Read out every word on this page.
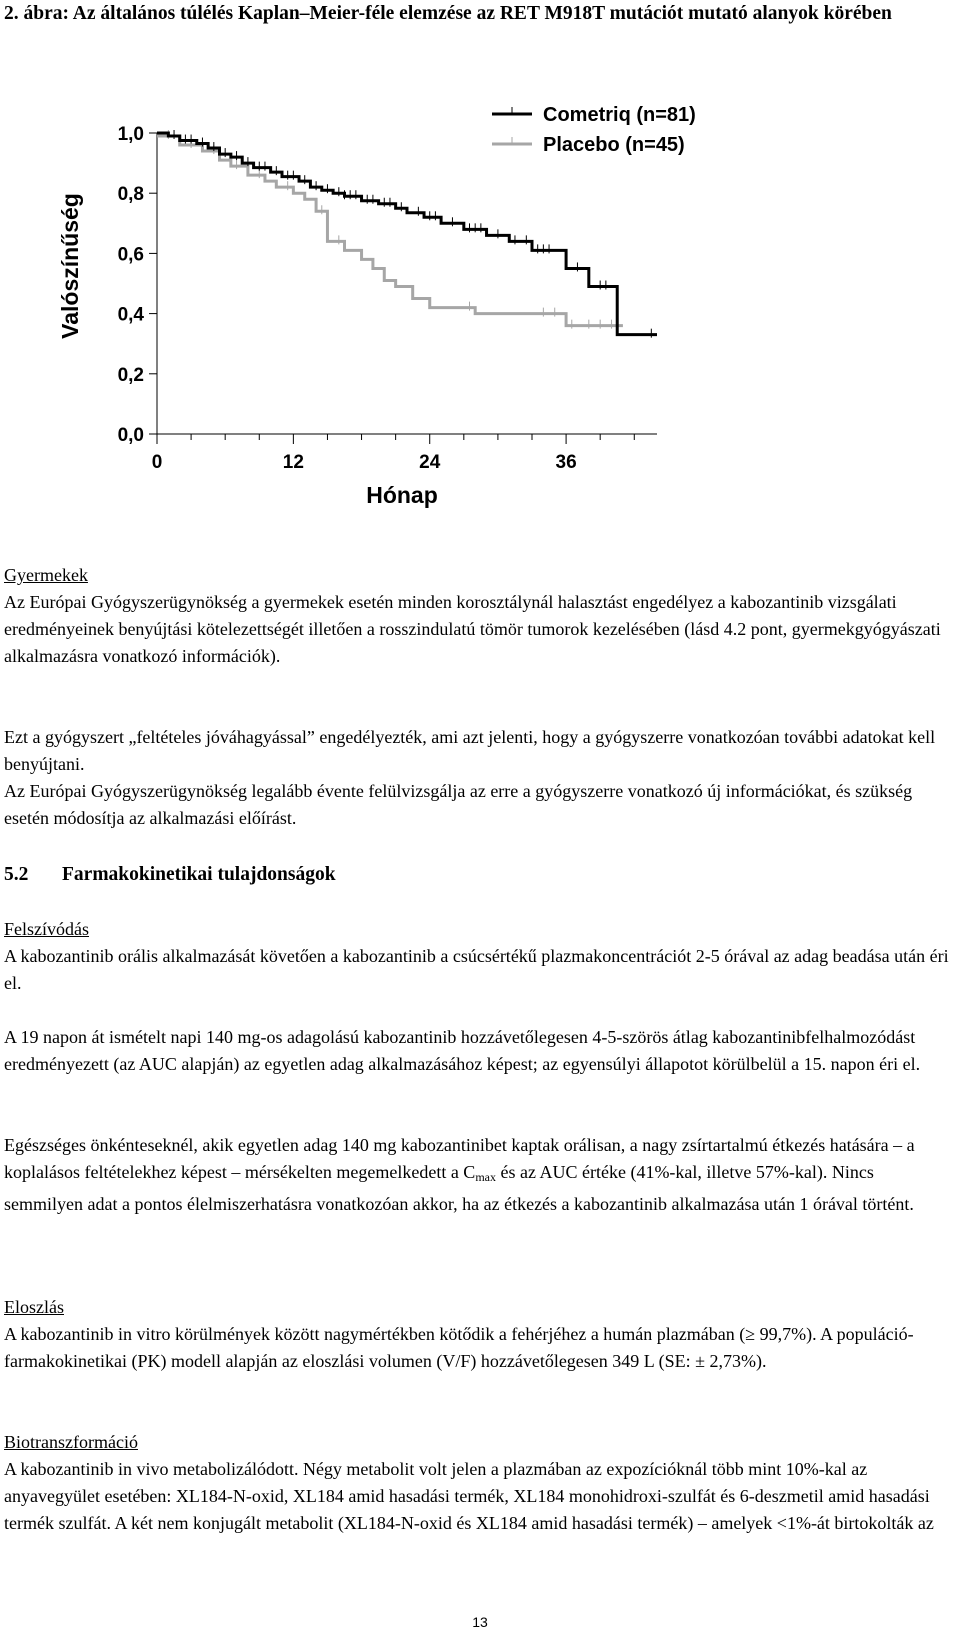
2. ábra: Az általános túlélés Kaplan–Meier-féle elemzése az RET M918T mutációt mutató alanyok körében
0,0
0,2
0,4
0,6
0,8
1,0
0	12	24	36
Cometriq (n=81)
Placebo (n=45)
Valószínűség
Hónap

Gyermekek

Az Európai Gyógyszerügynökség a gyermekek esetén minden korosztálynál halasztást engedélyez a kabozantinib vizsgálati eredményeinek benyújtási kötelezettségét illetően a rosszindulatú tömör tumorok kezelésében (lásd 4.2 pont, gyermekgyógyászati alkalmazásra vonatkozó információk).

Ezt a gyógyszert „feltételes jóváhagyással” engedélyezték, ami azt jelenti, hogy a gyógyszerre vonatkozóan további adatokat kell benyújtani.

Az Európai Gyógyszerügynökség legalább évente felülvizsgálja az erre a gyógyszerre vonatkozó új információkat, és szükség esetén módosítja az alkalmazási előírást.

5.2 Farmakokinetikai tulajdonságok

Felszívódás

A kabozantinib orális alkalmazását követően a kabozantinib a csúcsértékű plazmakoncentrációt 2-5 órával az adag beadása után éri el.

A 19 napon át ismételt napi 140 mg-os adagolású kabozantinib hozzávetőlegesen 4-5-szörös átlag kabozantinibfelhalmozódást eredményezett (az AUC alapján) az egyetlen adag alkalmazásához képest; az egyensúlyi állapotot körülbelül a 15. napon éri el.

Egészséges önkénteseknél, akik egyetlen adag 140 mg kabozantinibet kaptak orálisan, a nagy zsírtartalmú étkezés hatására – a koplalásos feltételekhez képest – mérsékelten megemelkedett a $C_{max}$ és az AUC értéke (41%-kal, illetve 57%-kal). Nincs semmilyen adat a pontos élelmiszerhatásra vonatkozóan akkor, ha az étkezés a kabozantinib alkalmazása után 1 órával történt.

Eloszlás

A kabozantinib in vitro körülmények között nagymértékben kötődik a fehérjéhez a humán plazmában (≥ 99,7%). A populáció-farmakokinetikai (PK) modell alapján az eloszlási volumen (V/F) hozzávetőlegesen 349 L (SE: ± 2,73%).

Biotranszformáció

A kabozantinib in vivo metabolizálódott. Négy metabolit volt jelen a plazmában az expozícióknál több mint 10%-kal az anyavegyület esetében: XL184-N-oxid, XL184 amid hasadási termék, XL184 monohidroxi-szulfát és 6-deszmetil amid hasadási termék szulfát. A két nem konjugált metabolit (XL184-N-oxid és XL184 amid hasadási termék) – amelyek <1%-át birtokolták az

13
